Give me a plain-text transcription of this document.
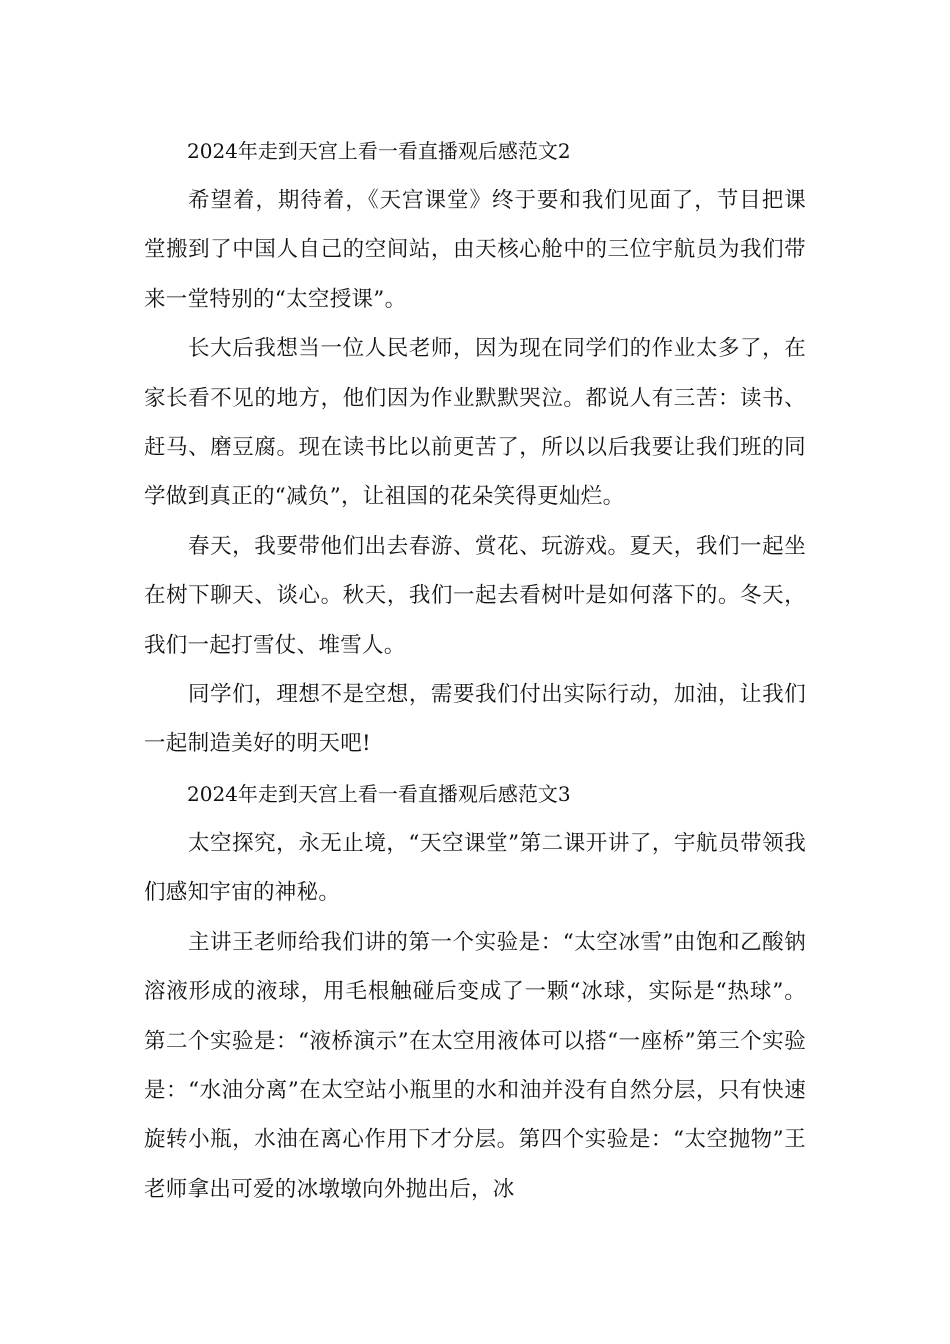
2024年走到天宫上看一看直播观后感范文2

希望着，期待着，《天宫课堂》终于要和我们见面了，节目把课堂搬到了中国人自己的空间站，由天核心舱中的三位宇航员为我们带来一堂特别的“太空授课”。

长大后我想当一位人民老师，因为现在同学们的作业太多了，在家长看不见的地方，他们因为作业默默哭泣。都说人有三苦：读书、赶马、磨豆腐。现在读书比以前更苦了，所以以后我要让我们班的同学做到真正的“减负”，让祖国的花朵笑得更灿烂。

春天，我要带他们出去春游、赏花、玩游戏。夏天，我们一起坐在树下聊天、谈心。秋天，我们一起去看树叶是如何落下的。冬天，我们一起打雪仗、堆雪人。

同学们，理想不是空想，需要我们付出实际行动，加油，让我们一起制造美好的明天吧!

2024年走到天宫上看一看直播观后感范文3

太空探究，永无止境，“天空课堂”第二课开讲了，宇航员带领我们感知宇宙的神秘。

主讲王老师给我们讲的第一个实验是：“太空冰雪”由饱和乙酸钠溶液形成的液球，用毛根触碰后变成了一颗“冰球，实际是“热球”。第二个实验是：“液桥演示”在太空用液体可以搭“一座桥”第三个实验是：“水油分离”在太空站小瓶里的水和油并没有自然分层，只有快速旋转小瓶，水油在离心作用下才分层。第四个实验是：“太空抛物”王老师拿出可爱的冰墩墩向外抛出后，冰
